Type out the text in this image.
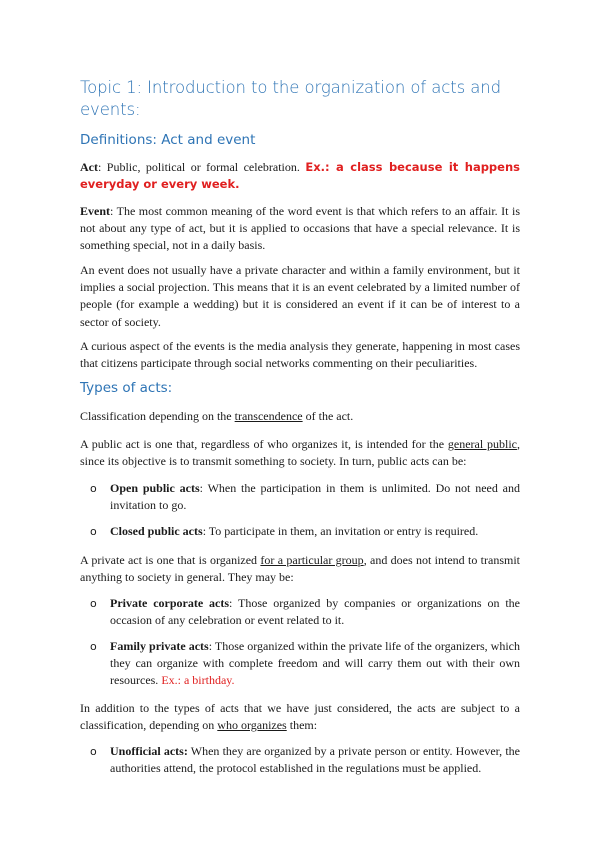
Topic 1: Introduction to the organization of acts and events:
Definitions: Act and event
Act: Public, political or formal celebration. Ex.: a class because it happens everyday or every week.
Event: The most common meaning of the word event is that which refers to an affair. It is not about any type of act, but it is applied to occasions that have a special relevance. It is something special, not in a daily basis.
An event does not usually have a private character and within a family environment, but it implies a social projection. This means that it is an event celebrated by a limited number of people (for example a wedding) but it is considered an event if it can be of interest to a sector of society.
A curious aspect of the events is the media analysis they generate, happening in most cases that citizens participate through social networks commenting on their peculiarities.
Types of acts:
Classification depending on the transcendence of the act.
A public act is one that, regardless of who organizes it, is intended for the general public, since its objective is to transmit something to society. In turn, public acts can be:
o Open public acts: When the participation in them is unlimited. Do not need and invitation to go.
o Closed public acts: To participate in them, an invitation or entry is required.
A private act is one that is organized for a particular group, and does not intend to transmit anything to society in general. They may be:
o Private corporate acts: Those organized by companies or organizations on the occasion of any celebration or event related to it.
o Family private acts: Those organized within the private life of the organizers, which they can organize with complete freedom and will carry them out with their own resources. Ex.: a birthday.
In addition to the types of acts that we have just considered, the acts are subject to a classification, depending on who organizes them:
o Unofficial acts: When they are organized by a private person or entity. However, the authorities attend, the protocol established in the regulations must be applied.
